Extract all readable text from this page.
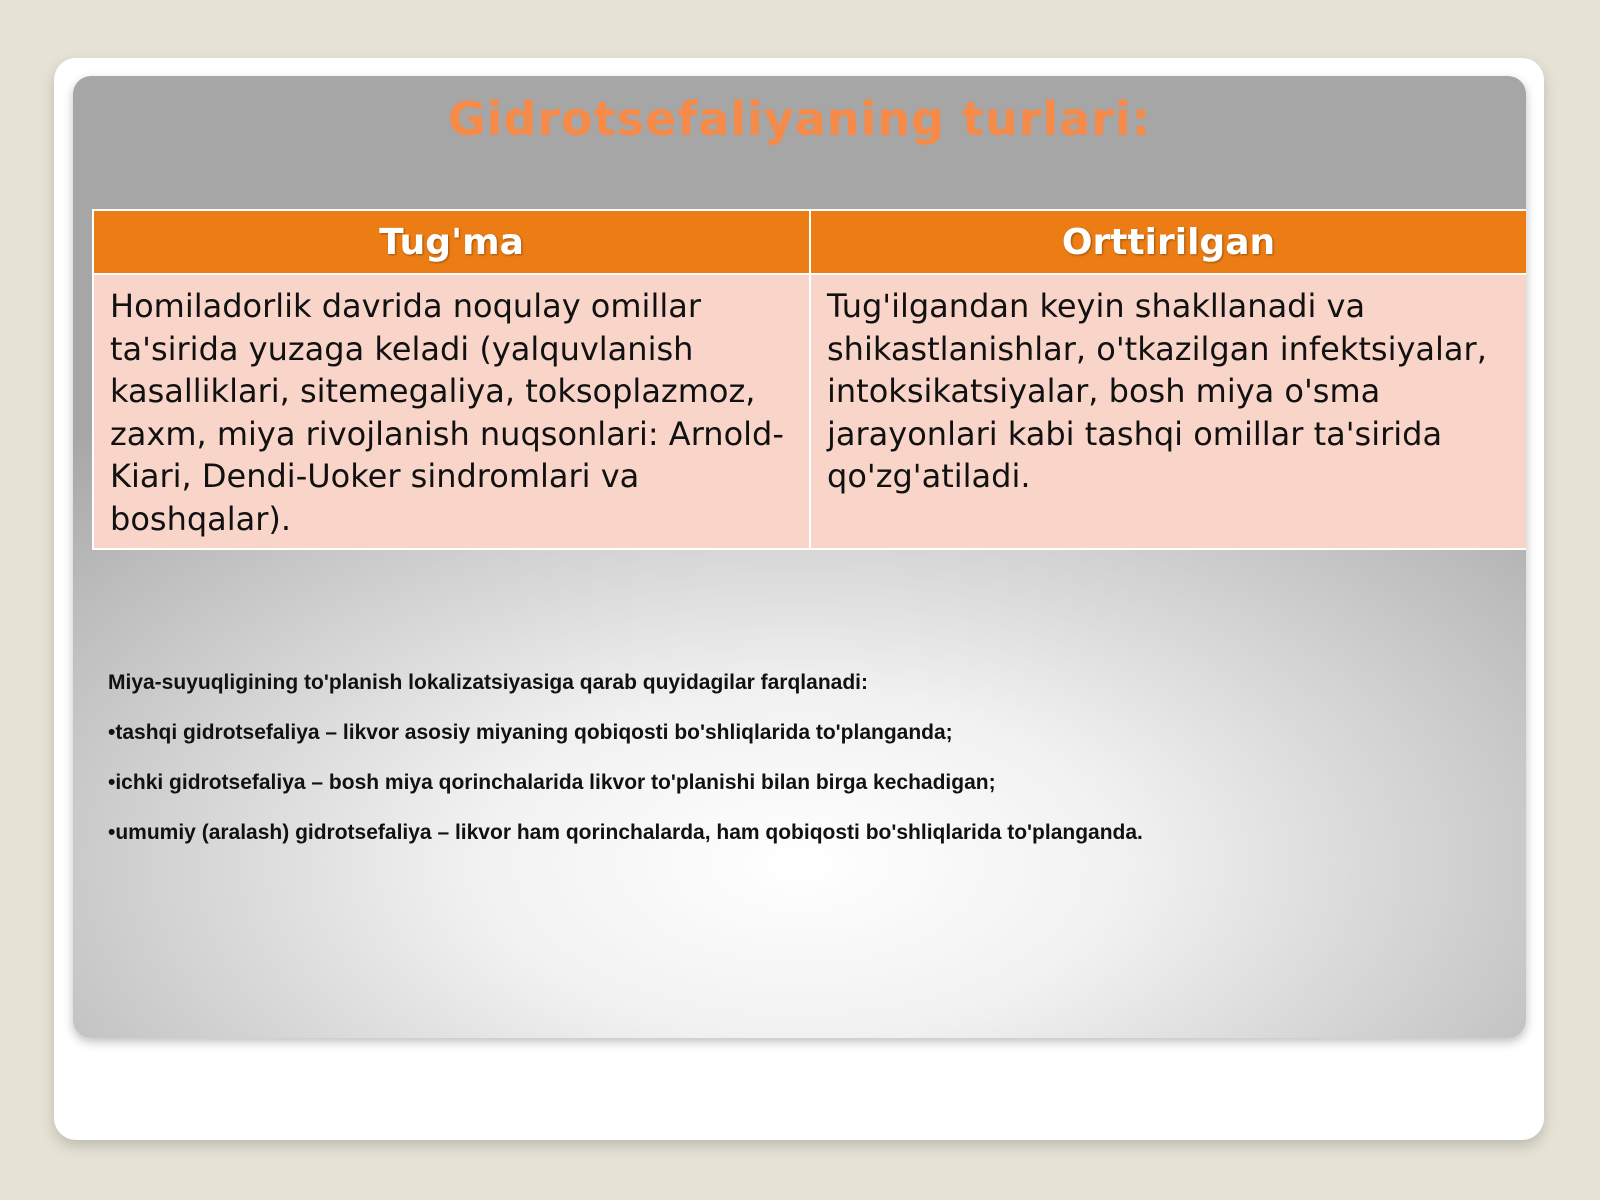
Gidrotsefaliyaning turlari:
Tug'ma	Orttirilgan
Homiladorlik davrida noqulay omillar ta'sirida yuzaga keladi (yalquvlanish kasalliklari, sitemegaliya, toksoplazmoz, zaxm, miya rivojlanish nuqsonlari: Arnold-Kiari, Dendi-Uoker sindromlari va boshqalar).	Tug'ilgandan keyin shakllanadi va shikastlanishlar, o'tkazilgan infektsiyalar, intoksikatsiyalar, bosh miya o'sma jarayonlari kabi tashqi omillar ta'sirida qo'zg'atiladi.
Miya-suyuqligining to'planish lokalizatsiyasiga qarab quyidagilar farqlanadi:
•tashqi gidrotsefaliya – likvor asosiy miyaning qobiqosti bo'shliqlarida to'planganda;
•ichki gidrotsefaliya – bosh miya qorinchalarida likvor to'planishi bilan birga kechadigan;
•umumiy (aralash) gidrotsefaliya – likvor ham qorinchalarda, ham qobiqosti bo'shliqlarida to'planganda.
